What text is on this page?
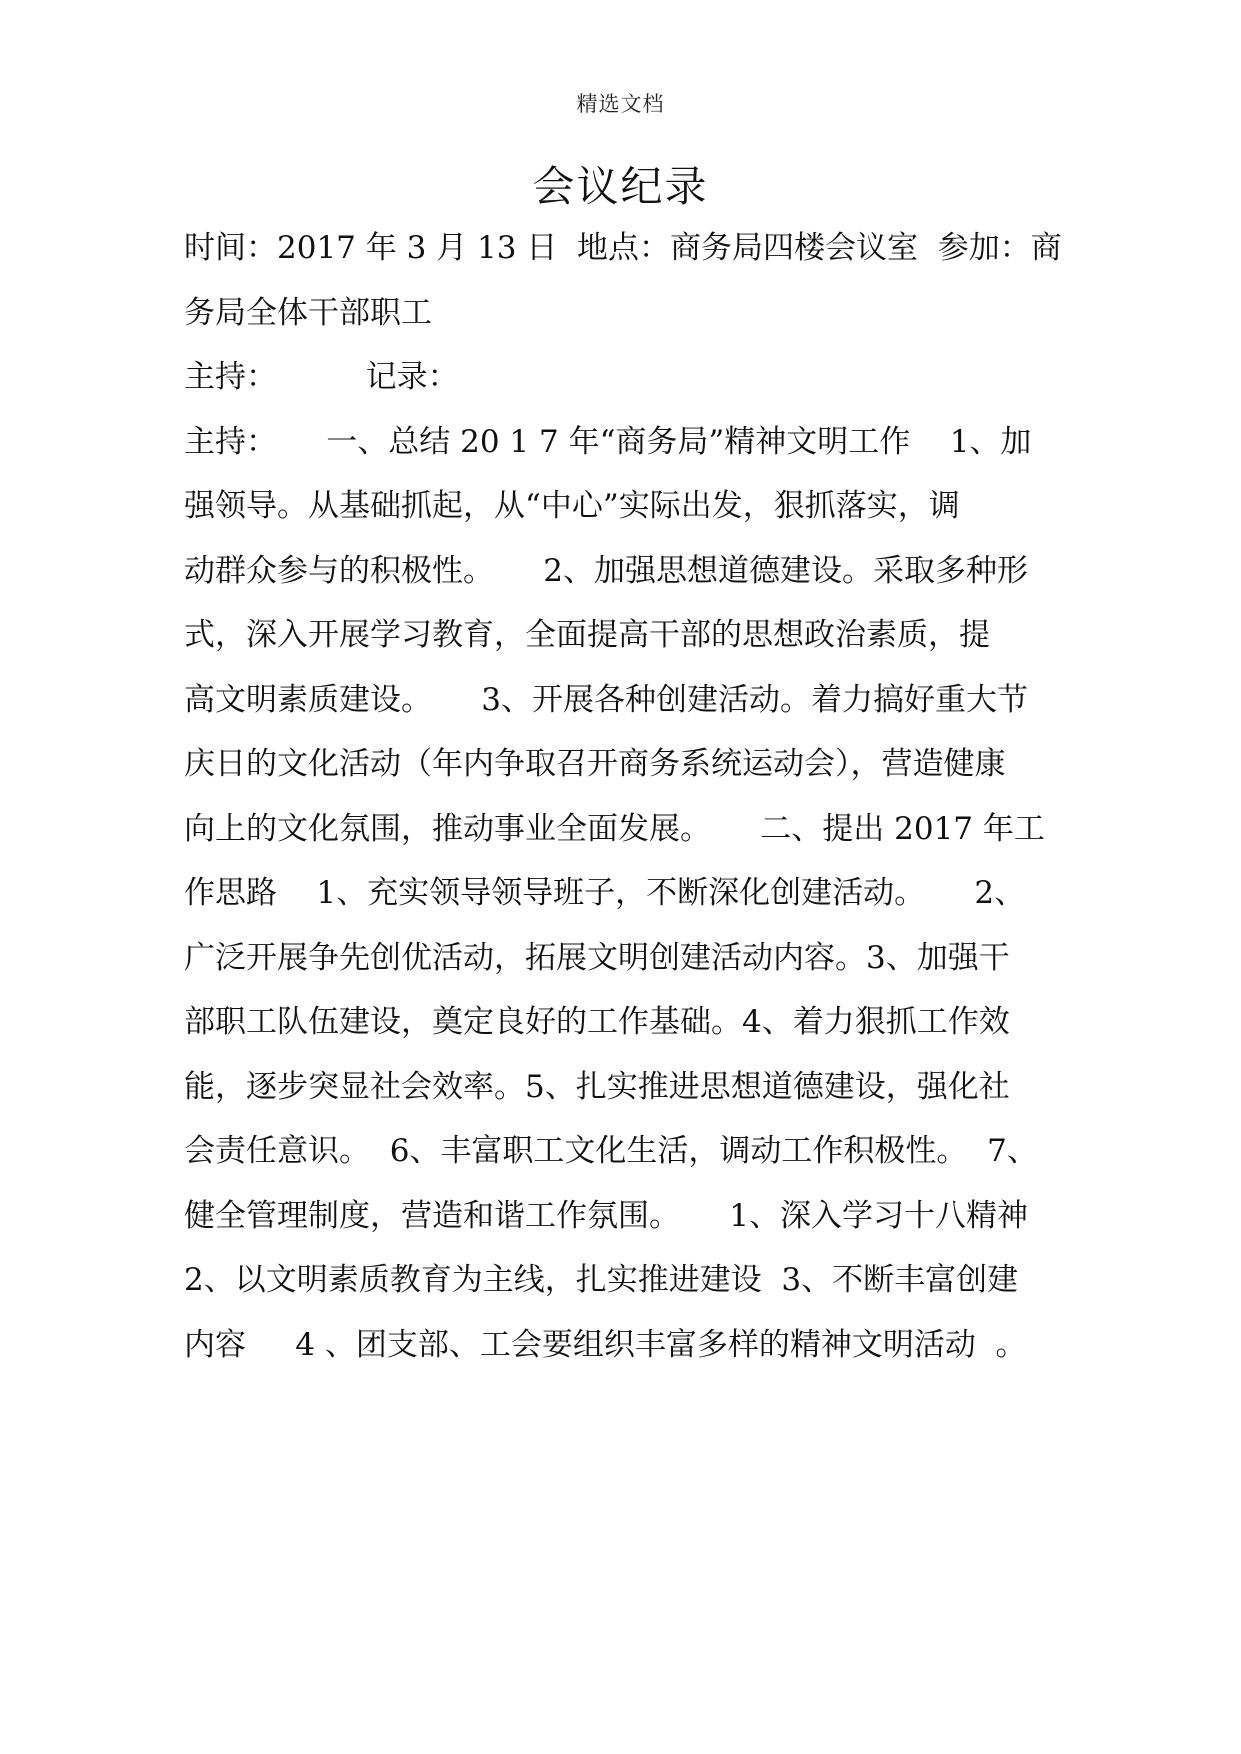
精选文档
会议纪录
时间：2017 年 3 月 13 日  地点：商务局四楼会议室  参加：商
务局全体干部职工
主持：         记录：
主持：     一、总结 20 1 7 年“商务局”精神文明工作    1、加
强领导。从基础抓起，从“中心”实际出发，狠抓落实，调
动群众参与的积极性。     2、加强思想道德建设。采取多种形
式，深入开展学习教育，全面提高干部的思想政治素质，提
高文明素质建设。     3、开展各种创建活动。着力搞好重大节
庆日的文化活动（年内争取召开商务系统运动会），营造健康
向上的文化氛围，推动事业全面发展。     二、提出 2017 年工
作思路    1、充实领导领导班子，不断深化创建活动。     2、
广泛开展争先创优活动，拓展文明创建活动内容。3、加强干
部职工队伍建设，奠定良好的工作基础。4、着力狠抓工作效
能，逐步突显社会效率。5、扎实推进思想道德建设，强化社
会责任意识。  6、丰富职工文化生活，调动工作积极性。  7、
健全管理制度，营造和谐工作氛围。     1、深入学习十八精神
2、以文明素质教育为主线，扎实推进建设  3、不断丰富创建
内容     4 、团支部、工会要组织丰富多样的精神文明活动  。
